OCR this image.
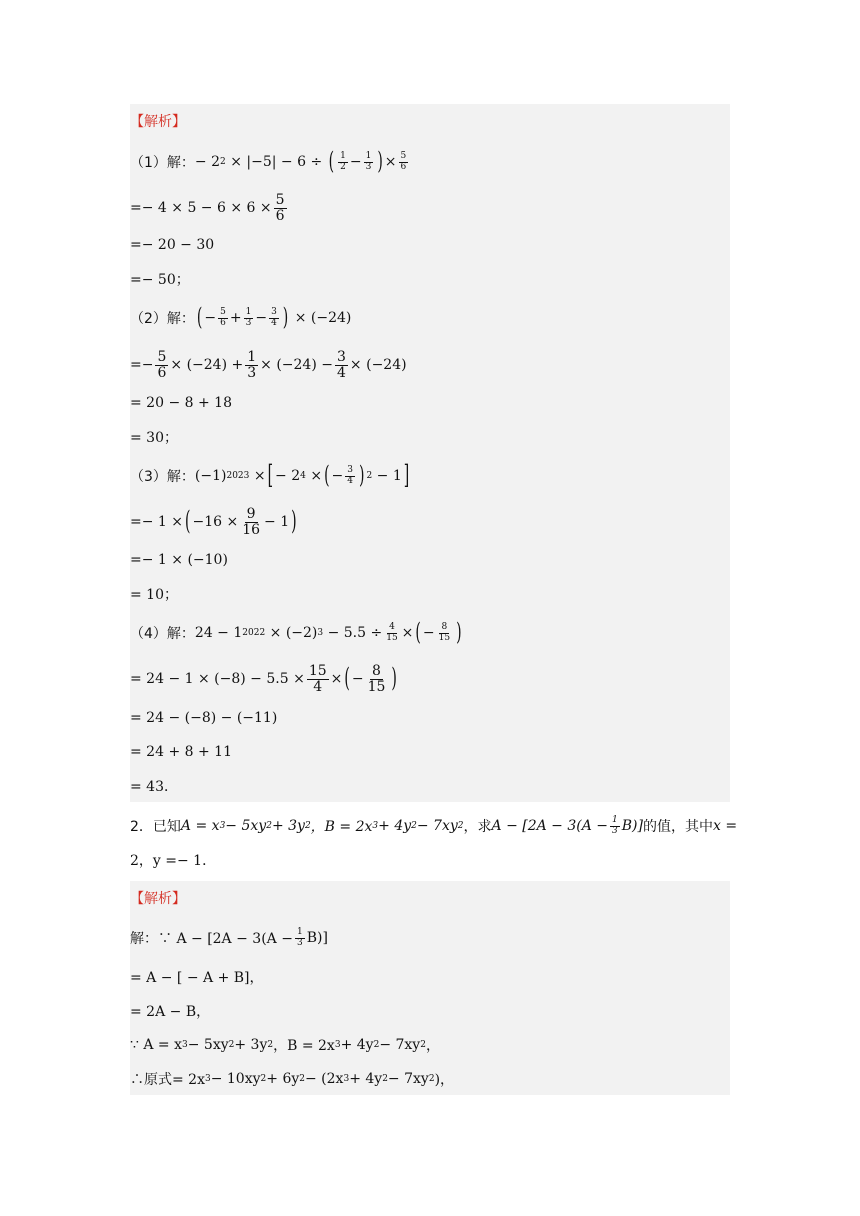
【解析】
（1）解： − 2 2
× |−5| − 6 ÷
( 1
$2 - \frac{1}{3}$ ) × $\frac{5}{6}$
=− $4 \times 5 - 6 \times 6 \times \frac{5}{6}$
=− 20 − 30
=− 50；
（2）解： ( − $\frac{5}{6} + \frac{1}{3} - \frac{3}{4}$ )
× (−24)
=− $\frac{5}{6} \times (-24) + \frac{1}{3} \times (-24) - \frac{3}{4} \times (-24)$
= 20 − 8 + 18
= 30；
（3）解： (−1) 2023
× [ − 2 4
× ( − $\frac{3}{4}$ ) 2
− 1 ]
=− 1 × ( $-16 \times \frac{9}{16} - 1$ )
=− 1 × (−10)
= 10；
（4）解： 24 − 1 2022
× (−2) 3
− $5.5 \div \frac{4}{15}$ × ( − $\frac{8}{15}$ )
= $24 - 1 \times (-8) - 5.5 \times \frac{15}{4}$ × ( − $\frac{8}{15}$ )
= 24 − (−8) − (−11)
= 24 + 8 + 11
= 43．
2．已知 A = x 3 − 5xy 2 + 3y 2 ，B = 2x 3 + 4y 2 − 7xy 2 ，求 $A - [2A - 3(A - \frac{1}{3} B)]$ 的值，其中 x =
2，y =− 1．
【解析】
解：∵ $A - [2A - 3(A - \frac{1}{3} B)]$
= A − [ − A + B]，
= 2A − B，
∵ A = x 3 − 5xy 2 + 3y 2 ，B = 2x 3 + 4y 2 − 7xy 2 ，
∴原式= 2x 3 − 10xy 2 + 6y 2 − (2x 3 + 4y 2 − 7xy 2 )，
